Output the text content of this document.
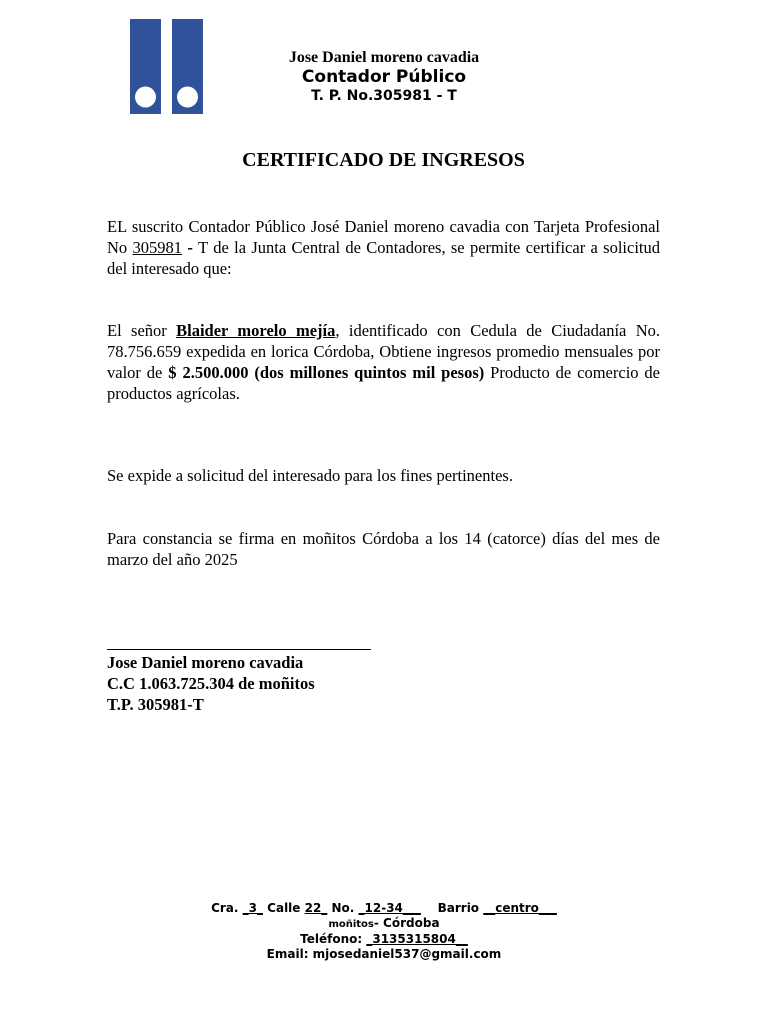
Jose Daniel moreno cavadia
Contador Público
T. P. No.305981 - T
CERTIFICADO DE INGRESOS
EL suscrito Contador Público José Daniel moreno cavadia con Tarjeta Profesional No 305981 - T de la Junta Central de Contadores, se permite certificar a solicitud del interesado que:
El señor Blaider morelo mejía, identificado con Cedula de Ciudadanía No. 78.756.659 expedida en lorica Córdoba, Obtiene ingresos promedio mensuales por valor de $ 2.500.000 (dos millones quintos mil pesos) Producto de comercio de productos agrícolas.
Se expide a solicitud del interesado para los fines pertinentes.
Para constancia se firma en moñitos Córdoba a los 14 (catorce) días del mes de marzo del año 2025
Jose Daniel moreno cavadia
C.C 1.063.725.304 de moñitos
T.P. 305981-T
Cra. _3_ Calle 22_ No. _12-34___    Barrio __centro___
moñitos- Córdoba
Teléfono: _3135315804__
Email: mjosedaniel537@gmail.com
